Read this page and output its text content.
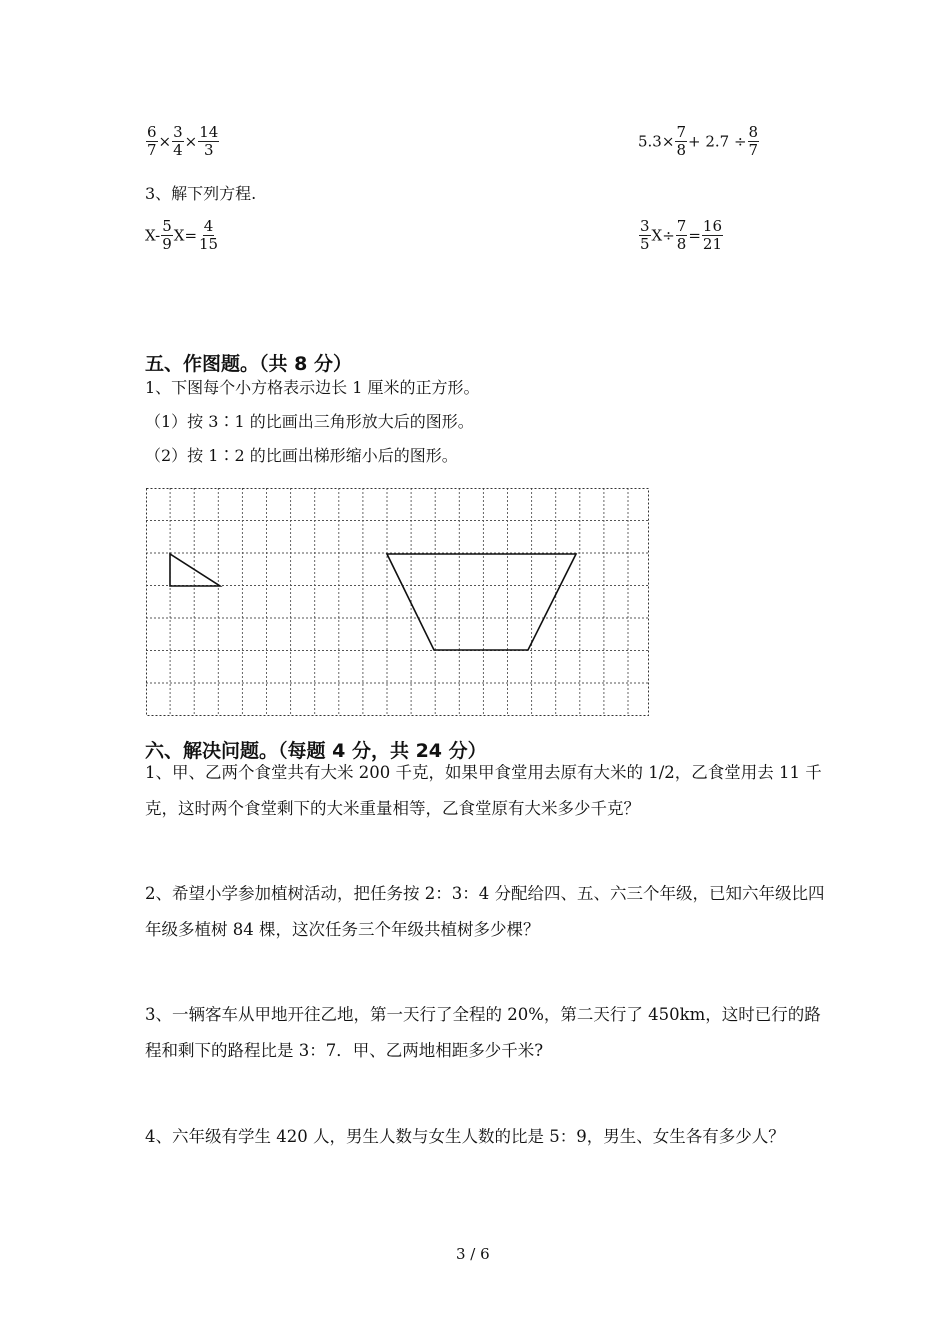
$\frac{6}{7} \times \frac{3}{4} \times \frac{14}{3}$	$5.3\times \frac{7}{8} + 2.7 \div \frac{8}{7}$
3、解下列方程.
$X- \frac{5}{9} X= \frac{4}{15}$	$\frac{3}{5} X\div \frac{7}{8} = \frac{16}{21}$
五、作图题。（共 8 分）
1、下图每个小方格表示边长 1 厘米的正方形。
（1）按 3∶1 的比画出三角形放大后的图形。
（2）按 1∶2 的比画出梯形缩小后的图形。
六、解决问题。（每题 4 分，共 24 分）
1、甲、乙两个食堂共有大米 200 千克，如果甲食堂用去原有大米的 1/2，乙食堂用去 11 千克，这时两个食堂剩下的大米重量相等，乙食堂原有大米多少千克？
2、希望小学参加植树活动，把任务按 2：3：4 分配给四、五、六三个年级，已知六年级比四年级多植树 84 棵，这次任务三个年级共植树多少棵？
3、一辆客车从甲地开往乙地，第一天行了全程的 20%，第二天行了 450km，这时已行的路程和剩下的路程比是 3：7．甲、乙两地相距多少千米?
4、六年级有学生 420 人，男生人数与女生人数的比是 5：9，男生、女生各有多少人？
3 / 6
